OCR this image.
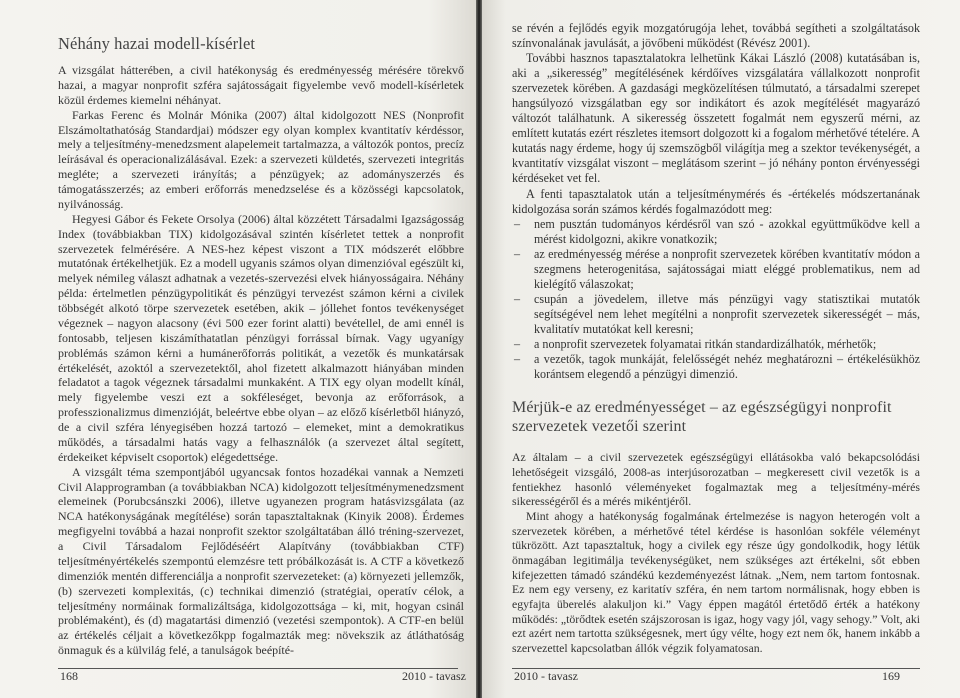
Néhány hazai modell-kísérlet

A vizsgálat hátterében, a civil hatékonyság és eredményesség mérésére törekvő hazai, a magyar nonprofit szféra sajátosságait figyelembe vevő modell-kísérletek közül érdemes kiemelni néhányat.

Farkas Ferenc és Molnár Mónika (2007) által kidolgozott NES (Nonprofit Elszámoltathatóság Standardjai) módszer egy olyan komplex kvantitatív kérdéssor, mely a teljesítmény-menedzsment alapelemeit tartalmazza, a változók pontos, precíz leírásával és operacionalizálásával. Ezek: a szervezeti küldetés, szervezeti integritás megléte; a szervezeti irányítás; a pénzügyek; az adományszerzés és támogatásszerzés; az emberi erőforrás menedzselése és a közösségi kapcsolatok, nyilvánosság.

Hegyesi Gábor és Fekete Orsolya (2006) által közzétett Társadalmi Igazságosság Index (továbbiakban TIX) kidolgozásával szintén kísérletet tettek a nonprofit szervezetek felmérésére. A NES-hez képest viszont a TIX módszerét előbbre mutatónak értékelhetjük. Ez a modell ugyanis számos olyan dimenzióval egészült ki, melyek némileg választ adhatnak a vezetés-szervezési elvek hiányosságaira. Néhány példa: értelmetlen pénzügypolitikát és pénzügyi tervezést számon kérni a civilek többségét alkotó törpe szervezetek esetében, akik – jóllehet fontos tevékenységet végeznek – nagyon alacsony (évi 500 ezer forint alatti) bevétellel, de ami ennél is fontosabb, teljesen kiszámíthatatlan pénzügyi forrással bírnak. Vagy ugyanígy problémás számon kérni a humánerőforrás politikát, a vezetők és munkatársak értékelését, azoktól a szervezetektől, ahol fizetett alkalmazott hiányában minden feladatot a tagok végeznek társadalmi munkaként. A TIX egy olyan modellt kínál, mely figyelembe veszi ezt a sokféleséget, bevonja az erőforrások, a professzionalizmus dimenzióját, beleértve ebbe olyan – az előző kísérletből hiányzó, de a civil szféra lényegisében hozzá tartozó – elemeket, mint a demokratikus működés, a társadalmi hatás vagy a felhasználók (a szervezet által segített, érdekeiket képviselt csoportok) elégedettsége.

A vizsgált téma szempontjából ugyancsak fontos hozadékai vannak a Nemzeti Civil Alapprogramban (a továbbiakban NCA) kidolgozott teljesítménymenedzsment elemeinek (Porubcsánszki 2006), illetve ugyanezen program hatásvizsgálata (az NCA hatékonyságának megítélése) során tapasztaltaknak (Kinyik 2008). Érdemes megfigyelni továbbá a hazai nonprofit szektor szolgáltatában álló tréning-szervezet, a Civil Társadalom Fejlődéséért Alapítvány (továbbiakban CTF) teljesítményértékelés szempontú elemzésre tett próbálkozását is. A CTF a következő dimenziók mentén differenciálja a nonprofit szervezeteket: (a) környezeti jellemzők, (b) szervezeti komplexitás, (c) technikai dimenzió (stratégiai, operatív célok, a teljesítmény normáinak formalizáltsága, kidolgozottsága – ki, mit, hogyan csinál problémaként), és (d) magatartási dimenzió (vezetési szempontok). A CTF-en belül az értékelés céljait a következőkpp fogalmazták meg: növekszik az átláthatóság önmaguk és a külvilág felé, a tanulságok beépíté-

168	2010 - tavasz

se révén a fejlődés egyik mozgatórugója lehet, továbbá segítheti a szolgáltatások színvonalának javulását, a jövőbeni működést (Révész 2001).

További hasznos tapasztalatokra lelhetünk Kákai László (2008) kutatásában is, aki a „sikeresség” megítélésének kérdőíves vizsgálatára vállalkozott nonprofit szervezetek körében. A gazdasági megközelítésen túlmutató, a társadalmi szerepet hangsúlyozó vizsgálatban egy sor indikátort és azok megítélését magyarázó változót találhatunk. A sikeresség összetett fogalmát nem egyszerű mérni, az említett kutatás ezért részletes itemsort dolgozott ki a fogalom mérhetővé tételére. A kutatás nagy érdeme, hogy új szemszögből világítja meg a szektor tevékenységét, a kvantitatív vizsgálat viszont – meglátásom szerint – jó néhány ponton érvényességi kérdéseket vet fel.

A fenti tapasztalatok után a teljesítménymérés és -értékelés módszertanának kidolgozása során számos kérdés fogalmazódott meg:

– nem pusztán tudományos kérdésről van szó - azokkal együttműködve kell a mérést kidolgozni, akikre vonatkozik;
– az eredményesség mérése a nonprofit szervezetek körében kvantitatív módon a szegmens heterogenitása, sajátosságai miatt eléggé problematikus, nem ad kielégítő válaszokat;
– csupán a jövedelem, illetve más pénzügyi vagy statisztikai mutatók segítségével nem lehet megítélni a nonprofit szervezetek sikerességét – más, kvalitatív mutatókat kell keresni;
– a nonprofit szervezetek folyamatai ritkán standardizálhatók, mérhetők;
– a vezetők, tagok munkáját, felelősségét nehéz meghatározni – értékelésükhöz korántsem elegendő a pénzügyi dimenzió.
Mérjük-e az eredményességet – az egészségügyi nonprofit szervezetek vezetői szerint

Az általam – a civil szervezetek egészségügyi ellátásokba való bekapcsolódási lehetőségeit vizsgáló, 2008-as interjúsorozatban – megkeresett civil vezetők is a fentiekhez hasonló véleményeket fogalmaztak meg a teljesítmény-mérés sikerességéről és a mérés mikéntjéről.

Mint ahogy a hatékonyság fogalmának értelmezése is nagyon heterogén volt a szervezetek körében, a mérhetővé tétel kérdése is hasonlóan sokféle véleményt tükrözött. Azt tapasztaltuk, hogy a civilek egy része úgy gondolkodik, hogy létük önmagában legitimálja tevékenységüket, nem szükséges azt értékelni, sőt ebben kifejezetten támadó szándékú kezdeményezést látnak. „Nem, nem tartom fontosnak. Ez nem egy verseny, ez karitatív szféra, én nem tartom normálisnak, hogy ebben is egyfajta überelés alakuljon ki.” Vagy éppen magától értetődő érték a hatékony működés: „törődtek esetén szájszorosan is igaz, hogy vagy jól, vagy sehogy.” Volt, aki ezt azért nem tartotta szükségesnek, mert úgy vélte, hogy ezt nem ők, hanem inkább a szervezettel kapcsolatban állók végzik folyamatosan.

2010 - tavasz	169
